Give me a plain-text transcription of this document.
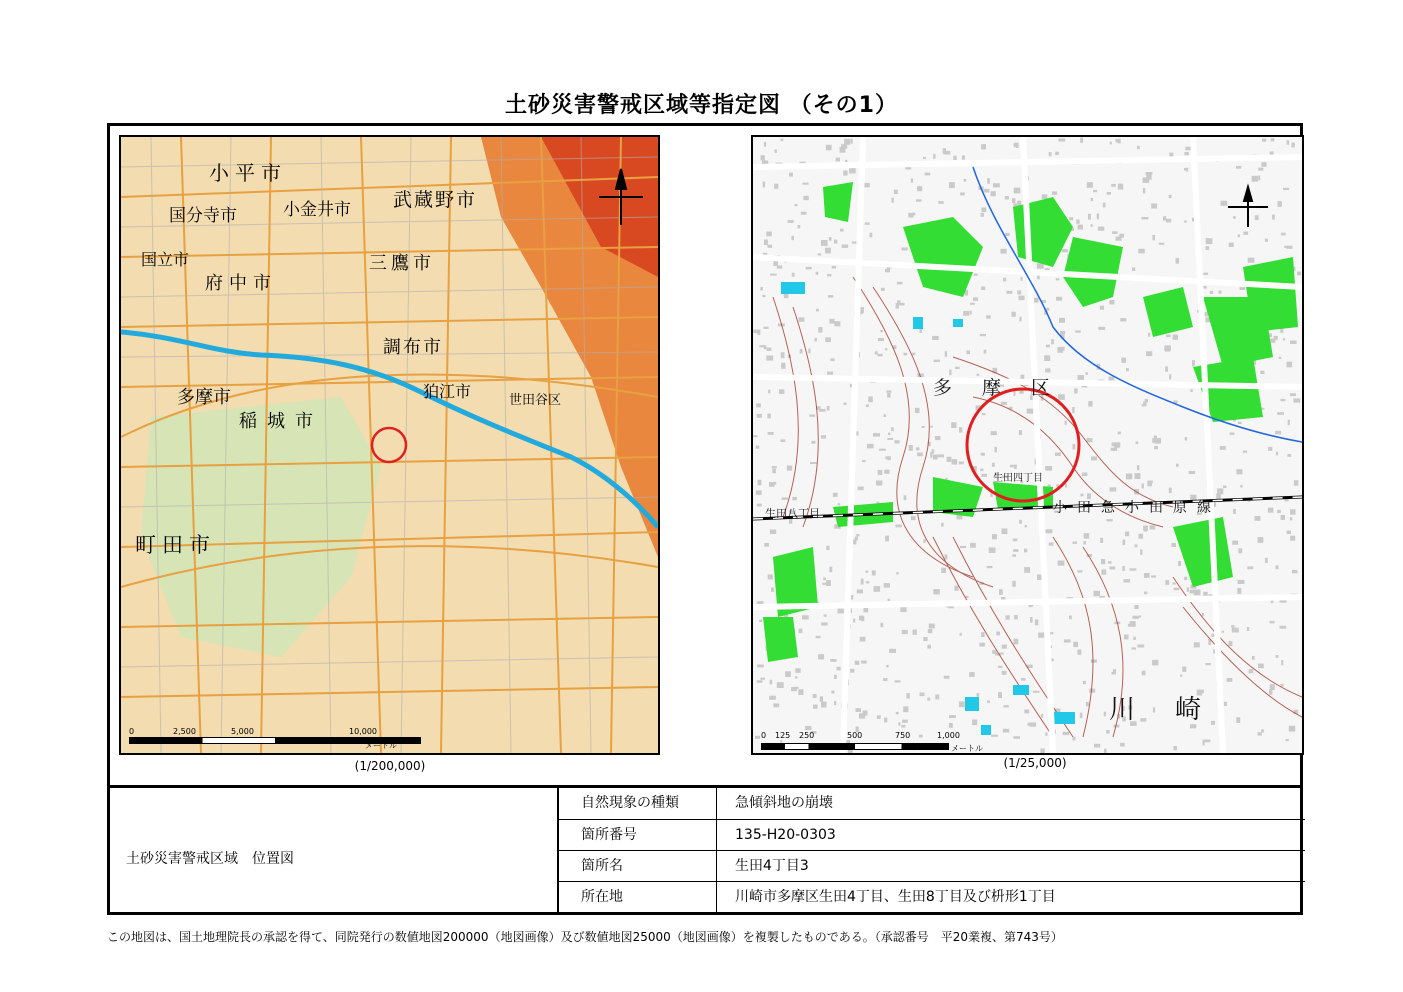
土砂災害警戒区域等指定図 （その1）
小平市
国分寺市	小金井市 武蔵野市
国立市
府中市
三鷹市
調布市
狛江市
多摩市
稲城市
世田谷区
町田市
0	2,500	5,000	10,000
メートル
(1/200,000)
多摩区
川崎
小田急小田原線
生田八丁目
生田四丁目
0 125 250	500	750	1,000
メートル
(1/25,000)
土砂災害警戒区域　位置図
自然現象の種類	急傾斜地の崩壊
箇所番号	135-H20-0303
箇所名	生田4丁目3
所在地	川崎市多摩区生田4丁目、生田8丁目及び枡形1丁目
この地図は、国土地理院長の承認を得て、同院発行の数値地図200000（地図画像）及び数値地図25000（地図画像）を複製したものである。（承認番号　平20業複、第743号）
